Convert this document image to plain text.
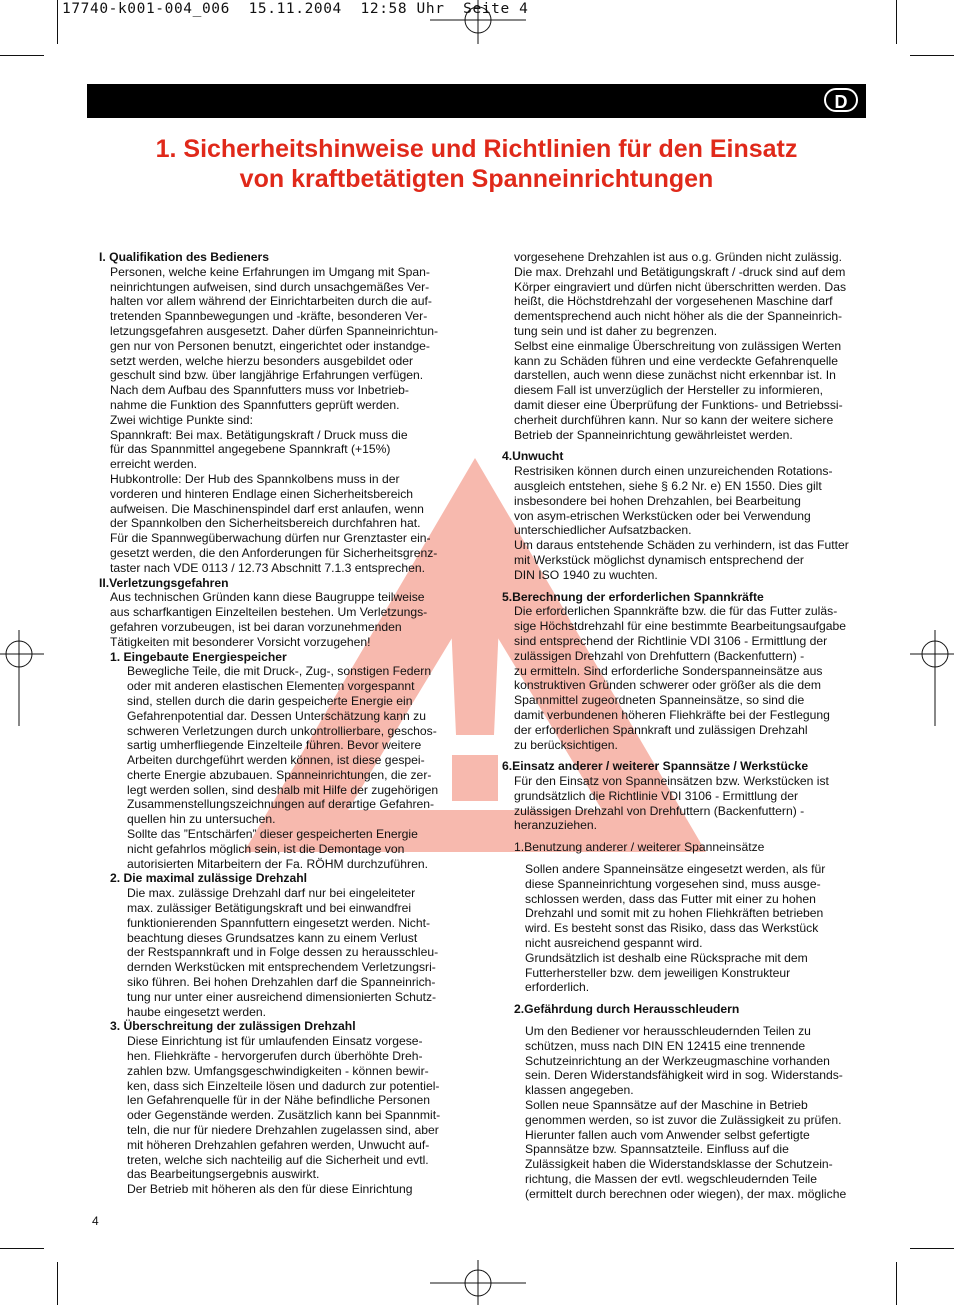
17740-k001-004_006  15.11.2004  12:58 Uhr  Seite 4
D
1. Sicherheitshinweise und Richtlinien für den Einsatz
von kraftbetätigten Spanneinrichtungen
I. Qualifikation des Bedieners
Personen, welche keine Erfahrungen im Umgang mit Span-
neinrichtungen aufweisen, sind durch unsachgemäßes Ver-
halten vor allem während der Einrichtarbeiten durch die auf-
tretenden Spannbewegungen und -kräfte, besonderen Ver-
letzungsgefahren ausgesetzt. Daher dürfen Spanneinrichtun-
gen nur von Personen benutzt, eingerichtet oder instandge-
setzt werden, welche hierzu besonders ausgebildet oder
geschult sind bzw. über langjährige Erfahrungen verfügen.
Nach dem Aufbau des Spannfutters muss vor Inbetrieb-
nahme die Funktion des Spannfutters geprüft werden.
Zwei wichtige Punkte sind:
Spannkraft: Bei max. Betätigungskraft / Druck muss die
für das Spannmittel angegebene Spannkraft (+15%)
erreicht werden.
Hubkontrolle: Der Hub des Spannkolbens muss in der
vorderen und hinteren Endlage einen Sicherheitsbereich
aufweisen. Die Maschinenspindel darf erst anlaufen, wenn
der Spannkolben den Sicherheitsbereich durchfahren hat.
Für die Spannwegüberwachung dürfen nur Grenztaster ein-
gesetzt werden, die den Anforderungen für Sicherheitsgrenz-
taster nach VDE 0113 / 12.73 Abschnitt 7.1.3 entsprechen.
II.Verletzungsgefahren
Aus technischen Gründen kann diese Baugruppe teilweise
aus scharfkantigen Einzelteilen bestehen. Um Verletzungs-
gefahren vorzubeugen, ist bei daran vorzunehmenden
Tätigkeiten mit besonderer Vorsicht vorzugehen!
1. Eingebaute Energiespeicher
Bewegliche Teile, die mit Druck-, Zug-, sonstigen Federn
oder mit anderen elastischen Elementen vorgespannt
sind, stellen durch die darin gespeicherte Energie ein
Gefahrenpotential dar. Dessen Unterschätzung kann zu
schweren Verletzungen durch unkontrollierbare, geschos-
sartig umherfliegende Einzelteile führen. Bevor weitere
Arbeiten durchgeführt werden können, ist diese gespei-
cherte Energie abzubauen. Spanneinrichtungen, die zer-
legt werden sollen, sind deshalb mit Hilfe der zugehörigen
Zusammenstellungszeichnungen auf derartige Gefahren-
quellen hin zu untersuchen.
Sollte das ”Entschärfen” dieser gespeicherten Energie
nicht gefahrlos möglich sein, ist die Demontage von
autorisierten Mitarbeitern der Fa. RÖHM durchzuführen.
2. Die maximal zulässige Drehzahl
Die max. zulässige Drehzahl darf nur bei eingeleiteter
max. zulässiger Betätigungskraft und bei einwandfrei
funktionierenden Spannfuttern eingesetzt werden. Nicht-
beachtung dieses Grundsatzes kann zu einem Verlust
der Restspannkraft und in Folge dessen zu herausschleu-
dernden Werkstücken mit entsprechendem Verletzungsri-
siko führen. Bei hohen Drehzahlen darf die Spanneinrich-
tung nur unter einer ausreichend dimensionierten Schutz-
haube eingesetzt werden.
3. Überschreitung der zulässigen Drehzahl
Diese Einrichtung ist für umlaufenden Einsatz vorgese-
hen. Fliehkräfte - hervorgerufen durch überhöhte Dreh-
zahlen bzw. Umfangsgeschwindigkeiten - können bewir-
ken, dass sich Einzelteile lösen und dadurch zur potentiel-
len Gefahrenquelle für in der Nähe befindliche Personen
oder Gegenstände werden. Zusätzlich kann bei Spannmit-
teln, die nur für niedere Drehzahlen zugelassen sind, aber
mit höheren Drehzahlen gefahren werden, Unwucht auf-
treten, welche sich nachteilig auf die Sicherheit und evtl.
das Bearbeitungsergebnis auswirkt.
Der Betrieb mit höheren als den für diese Einrichtung
vorgesehene Drehzahlen ist aus o.g. Gründen nicht zulässig.
Die max. Drehzahl und Betätigungskraft / -druck sind auf dem
Körper eingraviert und dürfen nicht überschritten werden. Das
heißt, die Höchstdrehzahl der vorgesehenen Maschine darf
dementsprechend auch nicht höher als die der Spanneinrich-
tung sein und ist daher zu begrenzen.
Selbst eine einmalige Überschreitung von zulässigen Werten
kann zu Schäden führen und eine verdeckte Gefahrenquelle
darstellen, auch wenn diese zunächst nicht erkennbar ist. In
diesem Fall ist unverzüglich der Hersteller zu informieren,
damit dieser eine Überprüfung der Funktions- und Betriebssi-
cherheit durchführen kann. Nur so kann der weitere sichere
Betrieb der Spanneinrichtung gewährleistet werden.
4.Unwucht
Restrisiken können durch einen unzureichenden Rotations-
ausgleich entstehen, siehe § 6.2 Nr. e) EN 1550. Dies gilt
insbesondere bei hohen Drehzahlen, bei Bearbeitung
von asym-etrischen Werkstücken oder bei Verwendung
unterschiedlicher Aufsatzbacken.
Um daraus entstehende Schäden zu verhindern, ist das Futter
mit Werkstück möglichst dynamisch entsprechend der
DIN ISO 1940 zu wuchten.
5.Berechnung der erforderlichen Spannkräfte
Die erforderlichen Spannkräfte bzw. die für das Futter zuläs-
sige Höchstdrehzahl für eine bestimmte Bearbeitungsaufgabe
sind entsprechend der Richtlinie VDI 3106 - Ermittlung der
zulässigen Drehzahl von Drehfuttern (Backenfuttern) -
zu ermitteln. Sind erforderliche Sonderspanneinsätze aus
konstruktiven Gründen schwerer oder größer als die dem
Spannmittel zugeordneten Spanneinsätze, so sind die
damit verbundenen höheren Fliehkräfte bei der Festlegung
der erforderlichen Spannkraft und zulässigen Drehzahl
zu berücksichtigen.
6.Einsatz anderer / weiterer Spannsätze / Werkstücke
Für den Einsatz von Spanneinsätzen bzw. Werkstücken ist
grundsätzlich die Richtlinie VDI 3106 - Ermittlung der
zulässigen Drehzahl von Drehfuttern (Backenfuttern) -
heranzuziehen.
1.Benutzung anderer / weiterer Spanneinsätze
Sollen andere Spanneinsätze eingesetzt werden, als für
diese Spanneinrichtung vorgesehen sind, muss ausge-
schlossen werden, dass das Futter mit einer zu hohen
Drehzahl und somit mit zu hohen Fliehkräften betrieben
wird. Es besteht sonst das Risiko, dass das Werkstück
nicht ausreichend gespannt wird.
Grundsätzlich ist deshalb eine Rücksprache mit dem
Futterhersteller bzw. dem jeweiligen Konstrukteur
erforderlich.
2.Gefährdung durch Herausschleudern
Um den Bediener vor herausschleudernden Teilen zu
schützen, muss nach DIN EN 12415 eine trennende
Schutzeinrichtung an der Werkzeugmaschine vorhanden
sein. Deren Widerstandsfähigkeit wird in sog. Widerstands-
klassen angegeben.
Sollen neue Spannsätze auf der Maschine in Betrieb
genommen werden, so ist zuvor die Zulässigkeit zu prüfen.
Hierunter fallen auch vom Anwender selbst gefertigte
Spannsätze bzw. Spannsatzteile. Einfluss auf die
Zulässigkeit haben die Widerstandsklasse der Schutzein-
richtung, die Massen der evtl. wegschleudernden Teile
(ermittelt durch berechnen oder wiegen), der max. mögliche
4
